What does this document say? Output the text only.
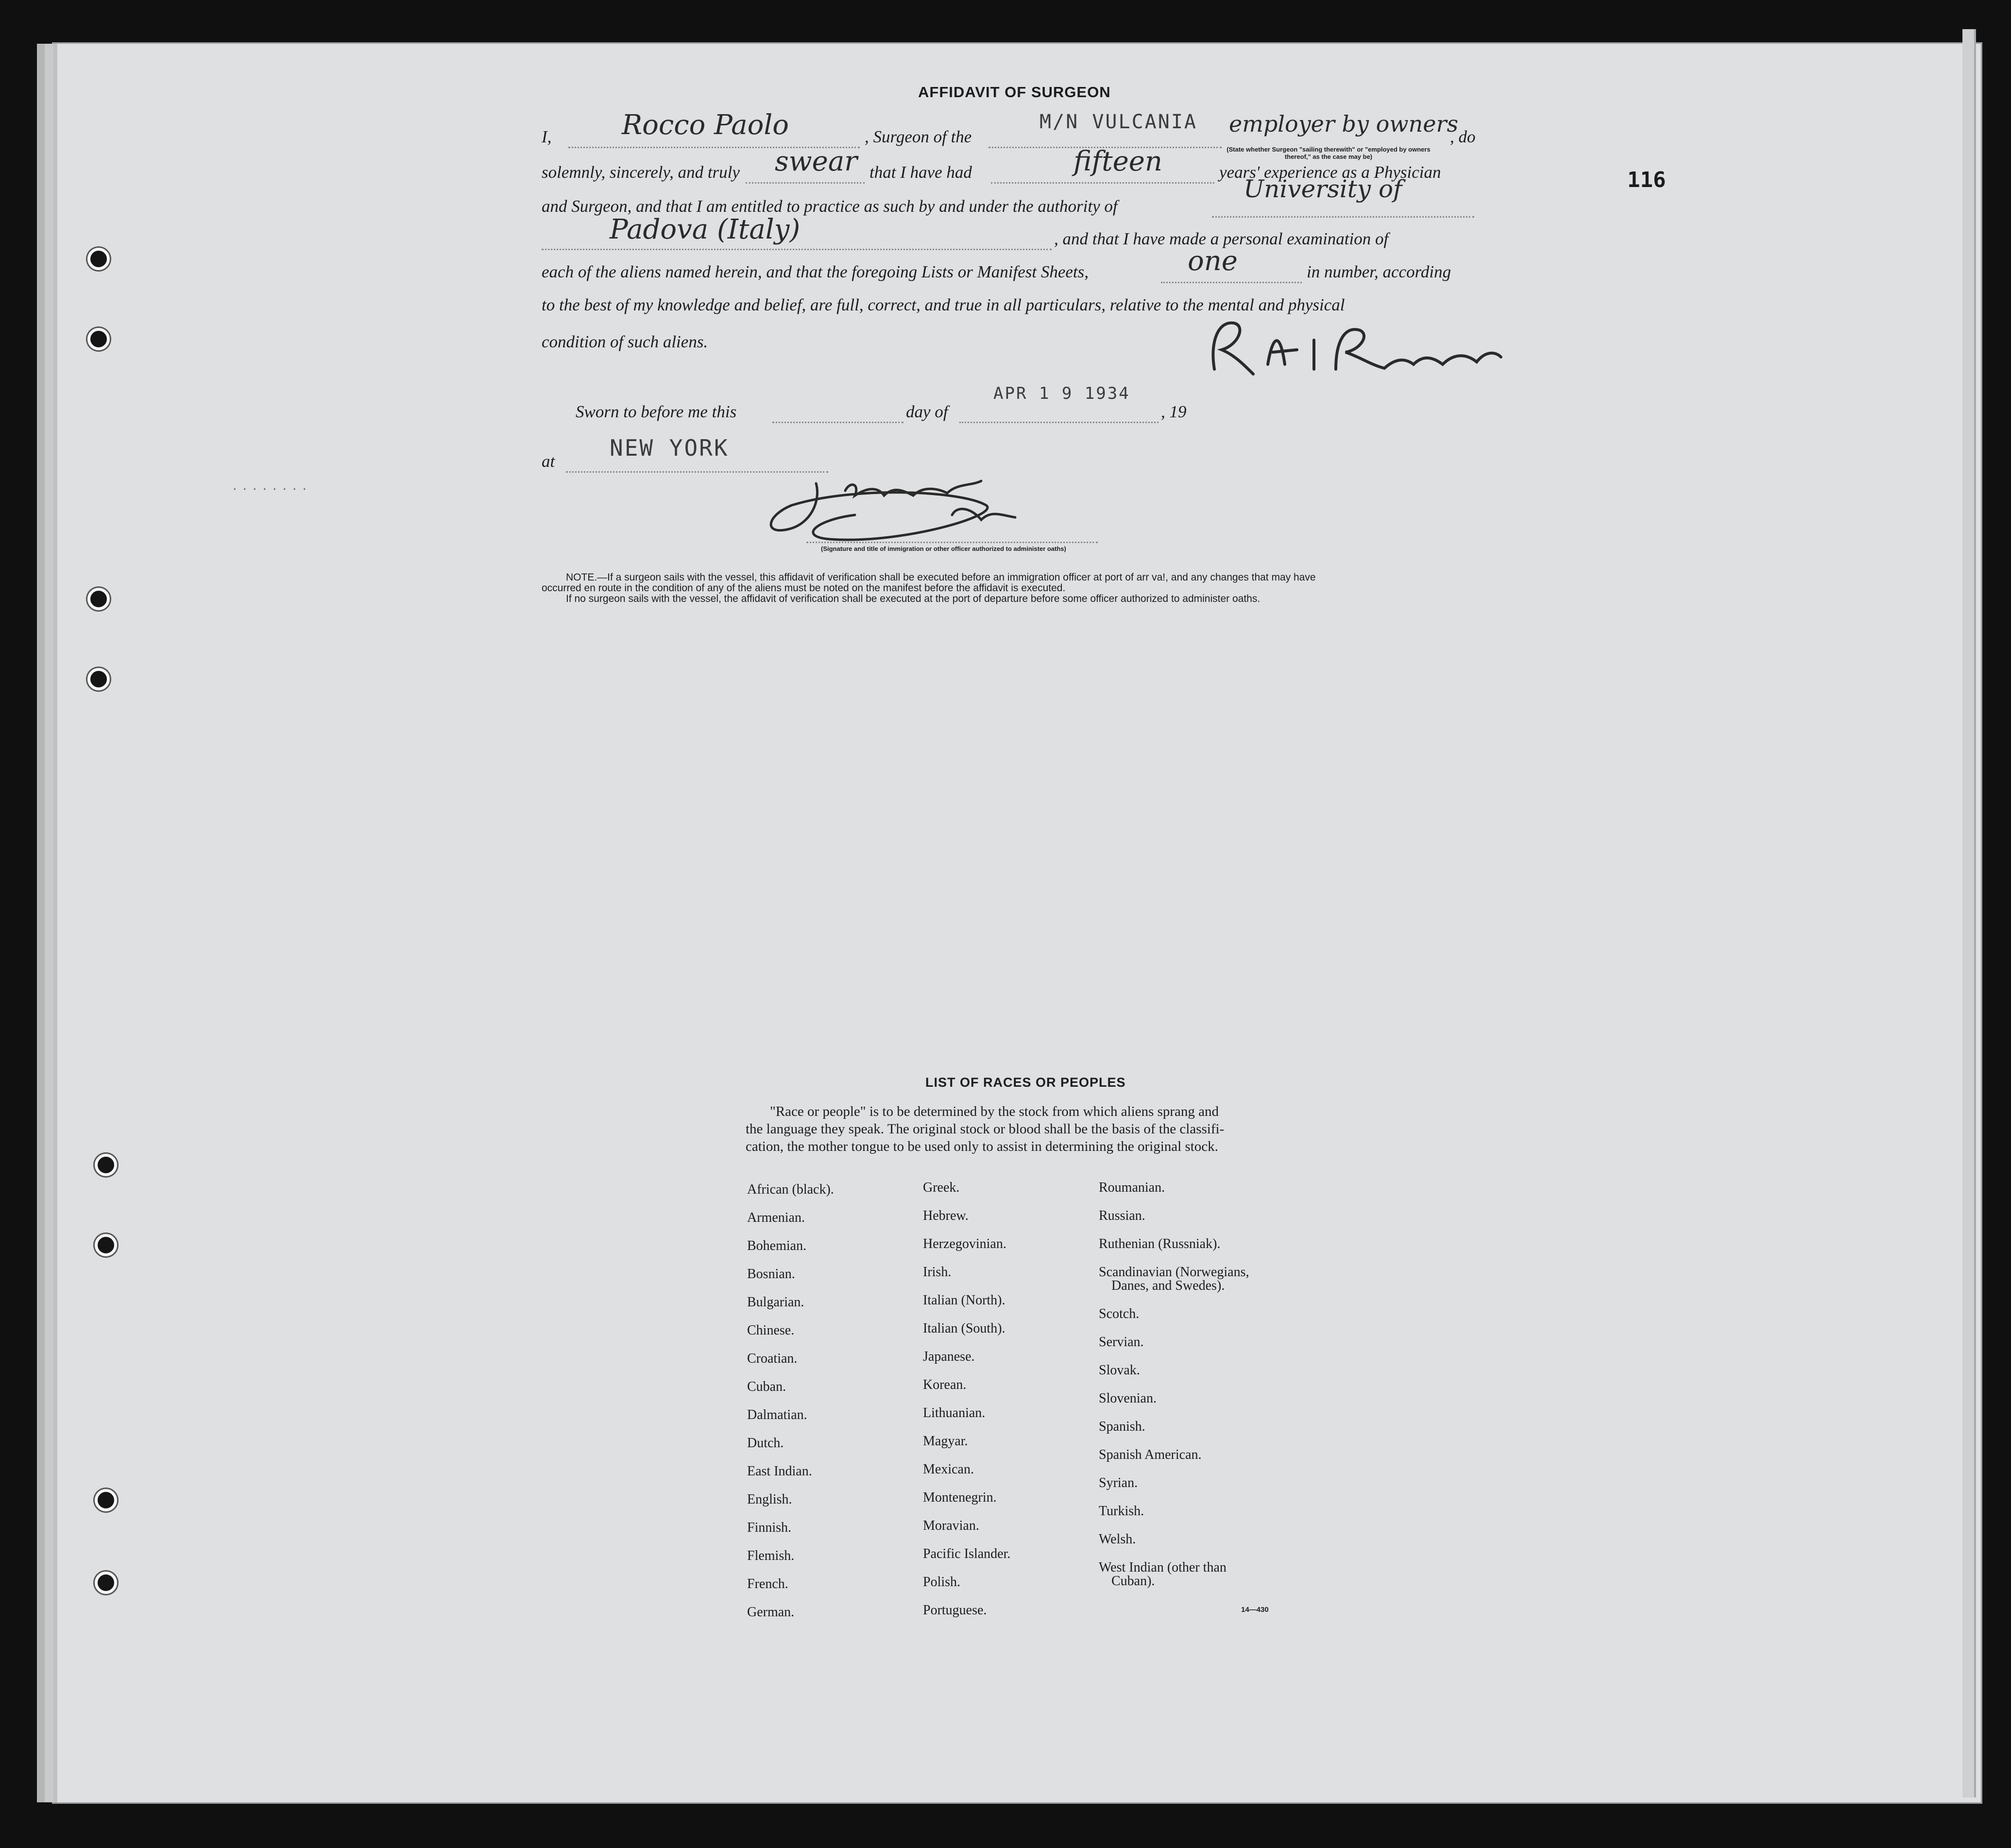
116
AFFIDAVIT OF SURGEON
I,	Rocco Paolo	, Surgeon of the
M/N VULCANIA employer by owners
, do
(State whether Surgeon "sailing therewith" or "employed by owners thereof," as the case may be)
solemnly, sincerely, and truly swear that I have had	fifteen	years' experience as a Physician
and Surgeon, and that I am entitled to practice as such by and under the authority of
University of
Padova (Italy)	, and that I have made a personal examination of
each of the aliens named herein, and that the foregoing Lists or Manifest Sheets,	one	in number, according
to the best of my knowledge and belief, are full, correct, and true in all particulars, relative to the mental and physical
condition of such aliens.
Sworn to before me this	day of
APR 1 9 1934
, 19
at
NEW YORK
........
(Signature and title of immigration or other officer authorized to administer oaths)
NOTE.—If a surgeon sails with the vessel, this affidavit of verification shall be executed before an immigration officer at port of arr va!, and any changes that may have
occurred en route in the condition of any of the aliens must be noted on the manifest before the affidavit is executed.
If no surgeon sails with the vessel, the affidavit of verification shall be executed at the port of departure before some officer authorized to administer oaths.
LIST OF RACES OR PEOPLES
"Race or people" is to be determined by the stock from which aliens sprang and
the language they speak. The original stock or blood shall be the basis of the classifi-
cation, the mother tongue to be used only to assist in determining the original stock.
African (black).
Armenian.
Bohemian.
Bosnian.
Bulgarian.
Chinese.
Croatian.
Cuban.
Dalmatian.
Dutch.
East Indian.
English.
Finnish.
Flemish.
French.
German.
Greek.
Hebrew.
Herzegovinian.
Irish.
Italian (North).
Italian (South).
Japanese.
Korean.
Lithuanian.
Magyar.
Mexican.
Montenegrin.
Moravian.
Pacific Islander.
Polish.
Portuguese.
Roumanian.
Russian.
Ruthenian (Russniak).
Scandinavian (Norwegians,
Danes, and Swedes).
Scotch.
Servian.
Slovak.
Slovenian.
Spanish.
Spanish American.
Syrian.
Turkish.
Welsh.
West Indian (other than
Cuban).
14—430
